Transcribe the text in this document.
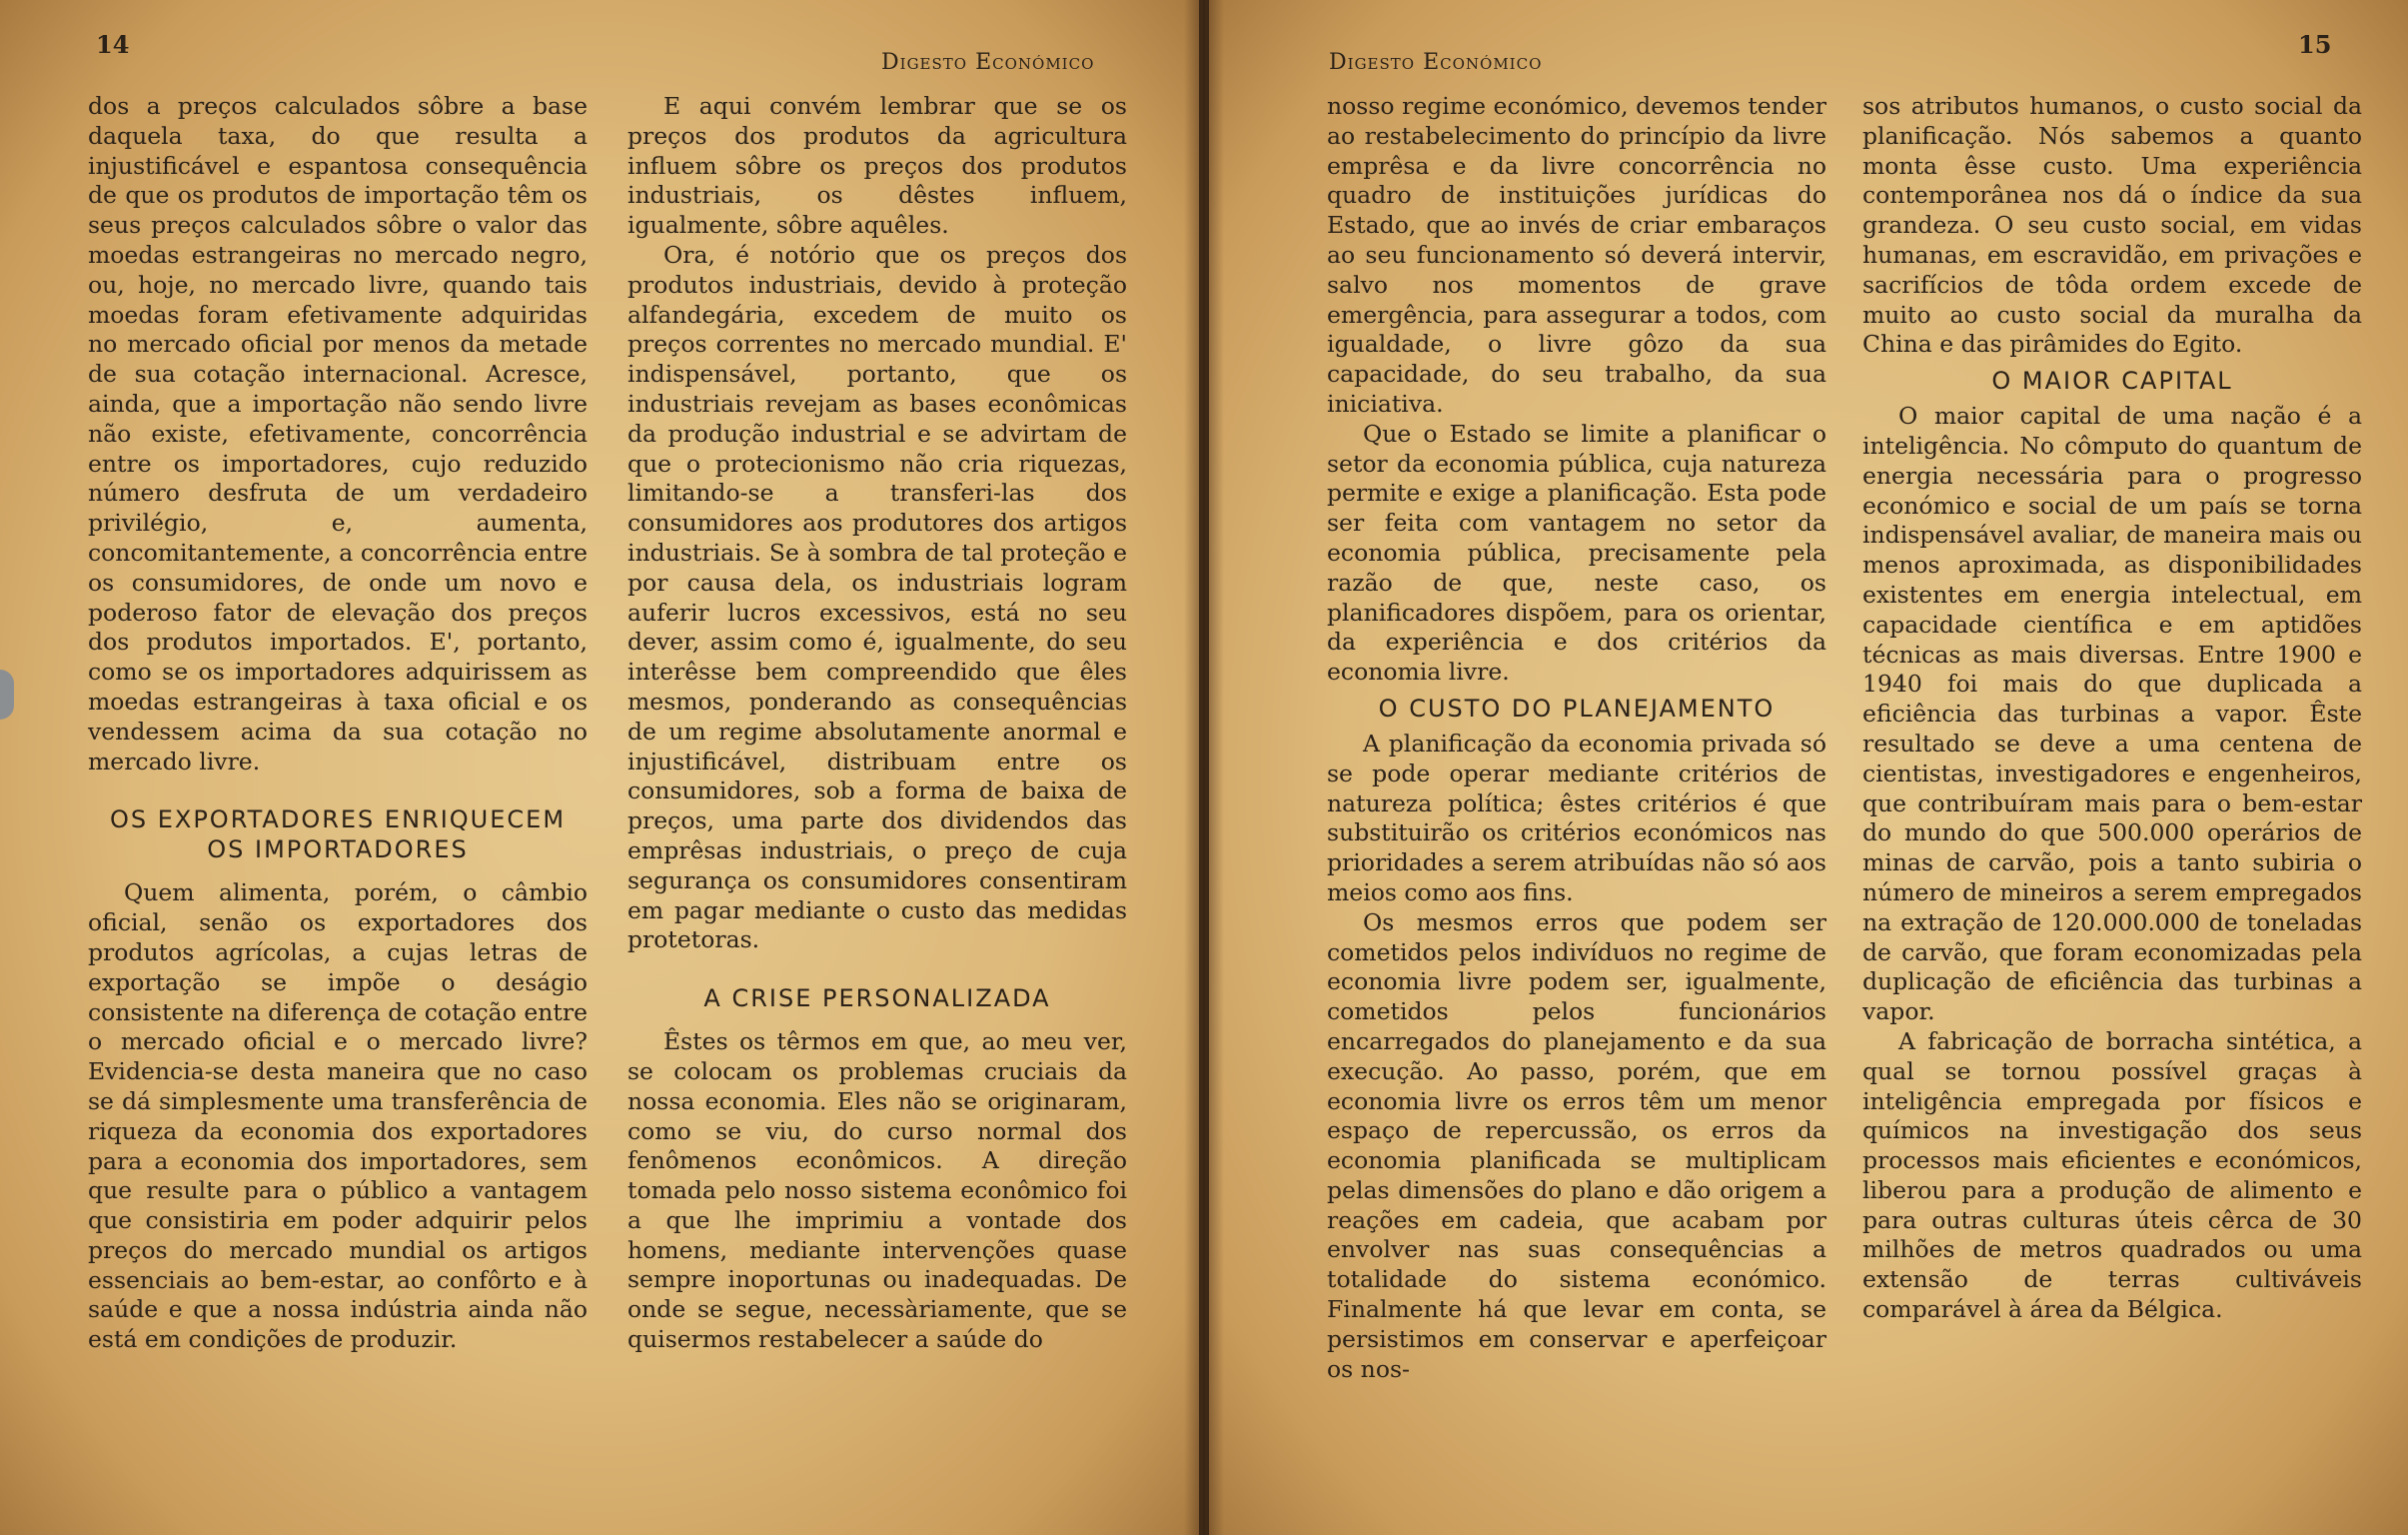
14
Digesto Económico

dos a preços calculados sôbre a base daquela taxa, do que resulta a injustificável e espantosa consequência de que os produtos de importação têm os seus preços calculados sôbre o valor das moedas estrangeiras no mercado negro, ou, hoje, no mercado livre, quando tais moedas foram efetivamente adquiridas no mercado oficial por menos da metade de sua cotação internacional. Acresce, ainda, que a importação não sendo livre não existe, efetivamente, concorrência entre os importadores, cujo reduzido número desfruta de um verdadeiro privilégio, e, aumenta, concomitantemente, a concorrência entre os consumidores, de onde um novo e poderoso fator de elevação dos preços dos produtos importados. E', portanto, como se os importadores adquirissem as moedas estrangeiras à taxa oficial e os vendessem acima da sua cotação no mercado livre.

OS EXPORTADORES ENRIQUECEM OS IMPORTADORES

Quem alimenta, porém, o câmbio oficial, senão os exportadores dos produtos agrícolas, a cujas letras de exportação se impõe o deságio consistente na diferença de cotação entre o mercado oficial e o mercado livre? Evidencia-se desta maneira que no caso se dá simplesmente uma transferência de riqueza da economia dos exportadores para a economia dos importadores, sem que resulte para o público a vantagem que consistiria em poder adquirir pelos preços do mercado mundial os artigos essenciais ao bem-estar, ao confôrto e à saúde e que a nossa indústria ainda não está em condições de produzir.

E aqui convém lembrar que se os preços dos produtos da agricultura influem sôbre os preços dos produtos industriais, os dêstes influem, igualmente, sôbre aquêles.

Ora, é notório que os preços dos produtos industriais, devido à proteção alfandegária, excedem de muito os preços correntes no mercado mundial. E' indispensável, portanto, que os industriais revejam as bases econômicas da produção industrial e se advirtam de que o protecionismo não cria riquezas, limitando-se a transferi-las dos consumidores aos produtores dos artigos industriais. Se à sombra de tal proteção e por causa dela, os industriais logram auferir lucros excessivos, está no seu dever, assim como é, igualmente, do seu interêsse bem compreendido que êles mesmos, ponderando as consequências de um regime absolutamente anormal e injustificável, distribuam entre os consumidores, sob a forma de baixa de preços, uma parte dos dividendos das emprêsas industriais, o preço de cuja segurança os consumidores consentiram em pagar mediante o custo das medidas protetoras.

A CRISE PERSONALIZADA

Êstes os têrmos em que, ao meu ver, se colocam os problemas cruciais da nossa economia. Eles não se originaram, como se viu, do curso normal dos fenômenos econômicos. A direção tomada pelo nosso sistema econômico foi a que lhe imprimiu a vontade dos homens, mediante intervenções quase sempre inoportunas ou inadequadas. De onde se segue, necessàriamente, que se quisermos restabelecer a saúde do

Digesto Económico
15

nosso regime económico, devemos tender ao restabelecimento do princípio da livre emprêsa e da livre concorrência no quadro de instituições jurídicas do Estado, que ao invés de criar embaraços ao seu funcionamento só deverá intervir, salvo nos momentos de grave emergência, para assegurar a todos, com igualdade, o livre gôzo da sua capacidade, do seu trabalho, da sua iniciativa.

Que o Estado se limite a planificar o setor da economia pública, cuja natureza permite e exige a planificação. Esta pode ser feita com vantagem no setor da economia pública, precisamente pela razão de que, neste caso, os planificadores dispõem, para os orientar, da experiência e dos critérios da economia livre.

O CUSTO DO PLANEJAMENTO

A planificação da economia privada só se pode operar mediante critérios de natureza política; êstes critérios é que substituirão os critérios económicos nas prioridades a serem atribuídas não só aos meios como aos fins.

Os mesmos erros que podem ser cometidos pelos indivíduos no regime de economia livre podem ser, igualmente, cometidos pelos funcionários encarregados do planejamento e da sua execução. Ao passo, porém, que em economia livre os erros têm um menor espaço de repercussão, os erros da economia planificada se multiplicam pelas dimensões do plano e dão origem a reações em cadeia, que acabam por envolver nas suas consequências a totalidade do sistema económico. Finalmente há que levar em conta, se persistimos em conservar e aperfeiçoar os nos-

sos atributos humanos, o custo social da planificação. Nós sabemos a quanto monta êsse custo. Uma experiência contemporânea nos dá o índice da sua grandeza. O seu custo social, em vidas humanas, em escravidão, em privações e sacrifícios de tôda ordem excede de muito ao custo social da muralha da China e das pirâmides do Egito.

O MAIOR CAPITAL

O maior capital de uma nação é a inteligência. No cômputo do quantum de energia necessária para o progresso económico e social de um país se torna indispensável avaliar, de maneira mais ou menos aproximada, as disponibilidades existentes em energia intelectual, em capacidade científica e em aptidões técnicas as mais diversas. Entre 1900 e 1940 foi mais do que duplicada a eficiência das turbinas a vapor. Êste resultado se deve a uma centena de cientistas, investigadores e engenheiros, que contribuíram mais para o bem-estar do mundo do que 500.000 operários de minas de carvão, pois a tanto subiria o número de mineiros a serem empregados na extração de 120.000.000 de toneladas de carvão, que foram economizadas pela duplicação de eficiência das turbinas a vapor.

A fabricação de borracha sintética, a qual se tornou possível graças à inteligência empregada por físicos e químicos na investigação dos seus processos mais eficientes e económicos, liberou para a produção de alimento e para outras culturas úteis cêrca de 30 milhões de metros quadrados ou uma extensão de terras cultiváveis comparável à área da Bélgica.
